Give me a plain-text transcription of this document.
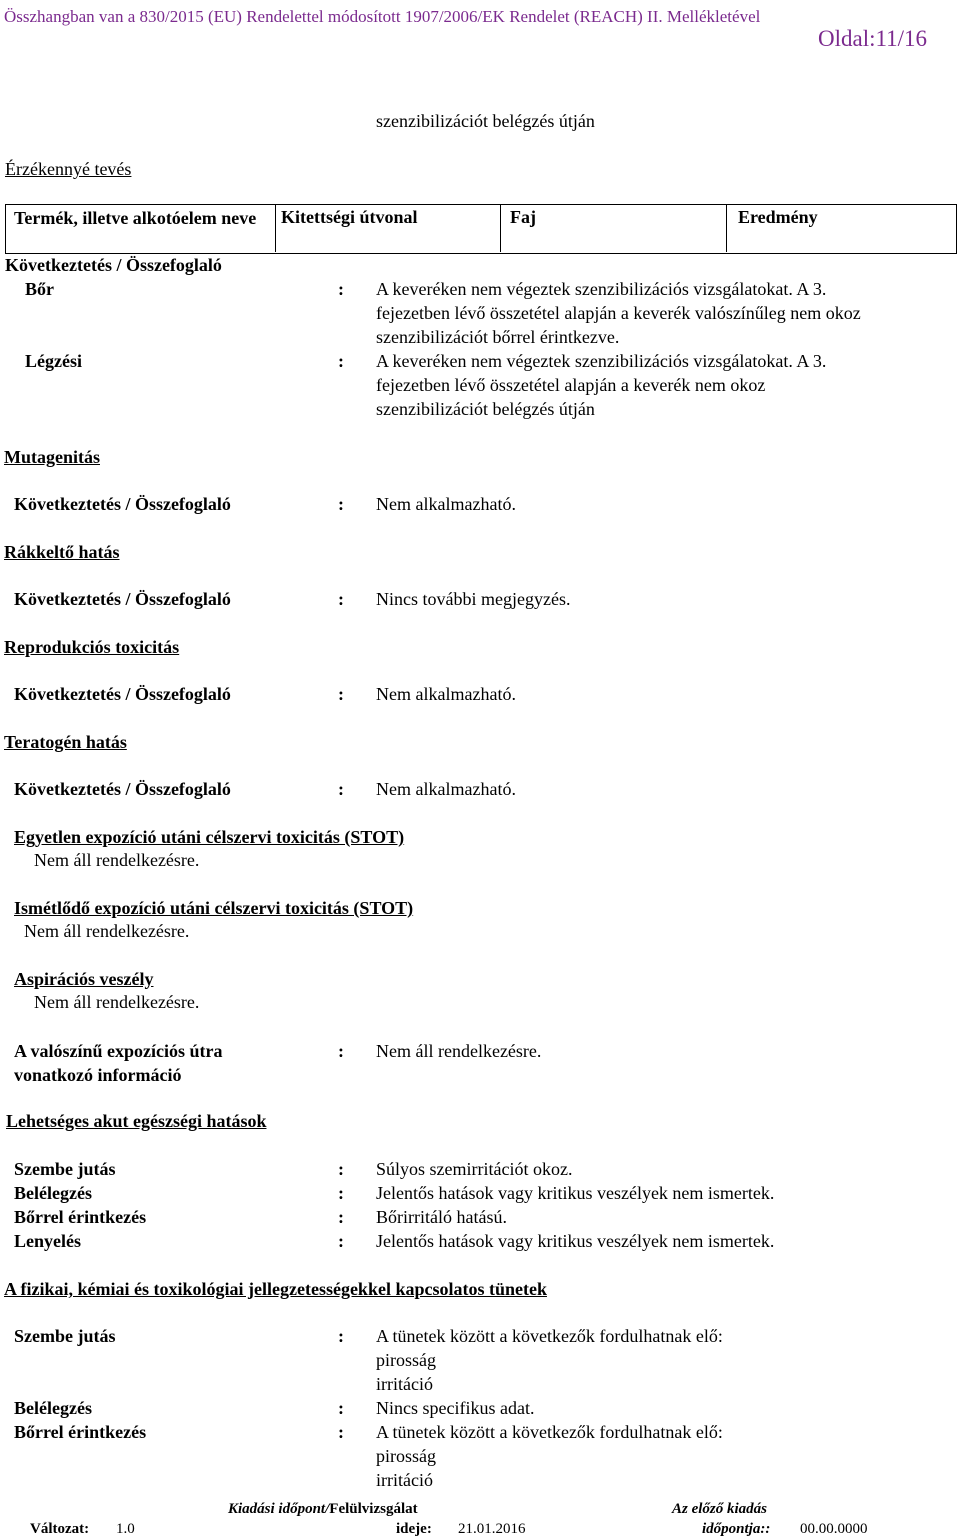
Összhangban van a 830/2015 (EU) Rendelettel módosított 1907/2006/EK Rendelet (REACH) II. Mellékletével
Oldal:11/16
szenzibilizációt belégzés útján
Érzékennyé tevés
Termék, illetve alkotóelem neve	Kitettségi útvonal	Faj	Eredmény
Következtetés / Összefoglaló
Bőr	: A keveréken nem végeztek szenzibilizációs vizsgálatokat. A 3.
fejezetben lévő összetétel alapján a keverék valószínűleg nem okoz
szenzibilizációt bőrrel érintkezve.
Légzési	: A keveréken nem végeztek szenzibilizációs vizsgálatokat. A 3.
fejezetben lévő összetétel alapján a keverék nem okoz
szenzibilizációt belégzés útján
Mutagenitás
Következtetés / Összefoglaló	: Nem alkalmazható.
Rákkeltő hatás
Következtetés / Összefoglaló	: Nincs további megjegyzés.
Reprodukciós toxicitás
Következtetés / Összefoglaló	: Nem alkalmazható.
Teratogén hatás
Következtetés / Összefoglaló	: Nem alkalmazható.
Egyetlen expozíció utáni célszervi toxicitás (STOT)
Nem áll rendelkezésre.
Ismétlődő expozíció utáni célszervi toxicitás (STOT)
Nem áll rendelkezésre.
Aspirációs veszély
Nem áll rendelkezésre.
A valószínű expozíciós útra
vonatkozó információ
: Nem áll rendelkezésre.
Lehetséges akut egészségi hatások
Szembe jutás	: Súlyos szemirritációt okoz.
Belélegzés	: Jelentős hatások vagy kritikus veszélyek nem ismertek.
Bőrrel érintkezés	: Bőrirritáló hatású.
Lenyelés	: Jelentős hatások vagy kritikus veszélyek nem ismertek.
A fizikai, kémiai és toxikológiai jellegzetességekkel kapcsolatos tünetek
Szembe jutás	: A tünetek között a következők fordulhatnak elő:
pirosság
irritáció
Belélegzés	: Nincs specifikus adat.
Bőrrel érintkezés	: A tünetek között a következők fordulhatnak elő:
pirosság
irritáció
Kiadási időpont/Felülvizsgálat	Az előző kiadás
Változat: 1.0	ideje: 21.01.2016	időpontja:: 00.00.0000
